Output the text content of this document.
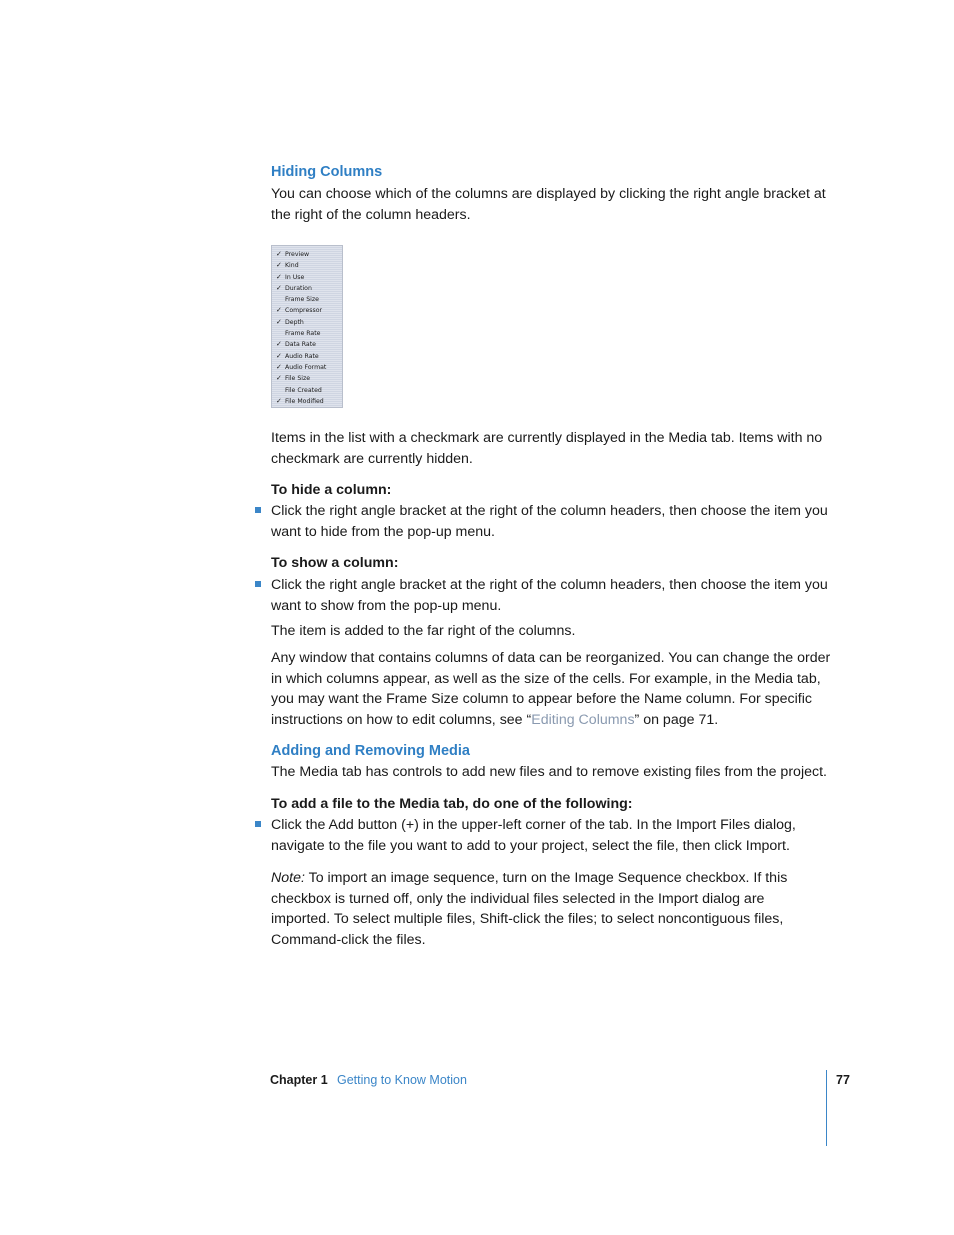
Hiding Columns
You can choose which of the columns are displayed by clicking the right angle bracket at the right of the column headers.
✓ Preview
✓ Kind
✓ In Use
✓ Duration
Frame Size
✓ Compressor
✓ Depth
Frame Rate
✓ Data Rate
✓ Audio Rate
✓ Audio Format
✓ File Size
File Created
✓ File Modified
Items in the list with a checkmark are currently displayed in the Media tab. Items with no checkmark are currently hidden.
To hide a column:
Click the right angle bracket at the right of the column headers, then choose the item you want to hide from the pop-up menu.
To show a column:
Click the right angle bracket at the right of the column headers, then choose the item you want to show from the pop-up menu.
The item is added to the far right of the columns.
Any window that contains columns of data can be reorganized. You can change the order in which columns appear, as well as the size of the cells. For example, in the Media tab, you may want the Frame Size column to appear before the Name column. For specific instructions on how to edit columns, see “Editing Columns” on page 71.
Adding and Removing Media
The Media tab has controls to add new files and to remove existing files from the project.
To add a file to the Media tab, do one of the following:
Click the Add button (+) in the upper-left corner of the tab. In the Import Files dialog, navigate to the file you want to add to your project, select the file, then click Import.
Note: To import an image sequence, turn on the Image Sequence checkbox. If this checkbox is turned off, only the individual files selected in the Import dialog are imported. To select multiple files, Shift-click the files; to select noncontiguous files, Command-click the files.
Chapter 1 Getting to Know Motion	77
